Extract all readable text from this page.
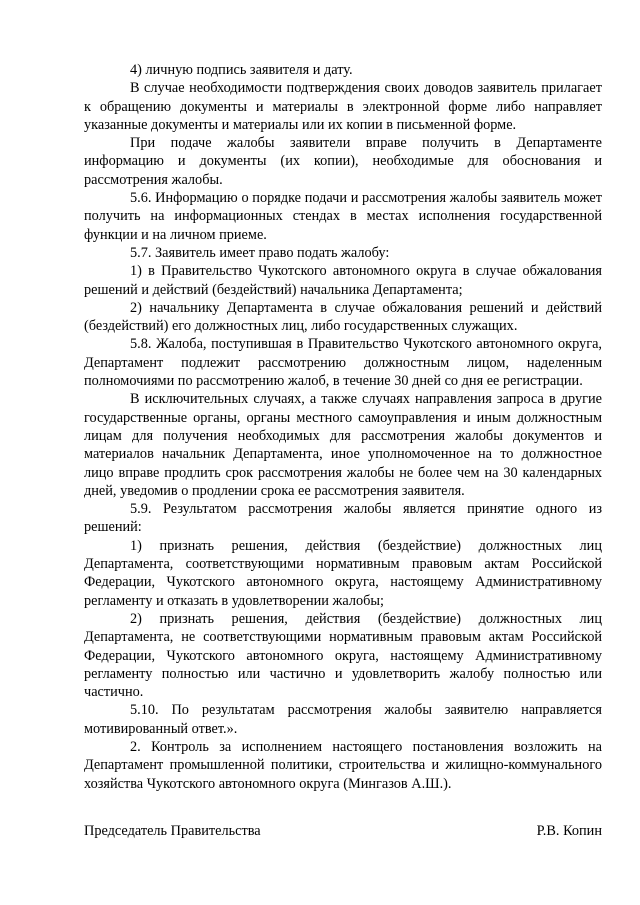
4) личную подпись заявителя и дату.

В случае необходимости подтверждения своих доводов заявитель прилагает к обращению документы и материалы в электронной форме либо направляет указанные документы и материалы или их копии в письменной форме.

При подаче жалобы заявители вправе получить в Департаменте информацию и документы (их копии), необходимые для обоснования и рассмотрения жалобы.

5.6. Информацию о порядке подачи и рассмотрения жалобы заявитель может получить на информационных стендах в местах исполнения государственной функции и на личном приеме.

5.7. Заявитель имеет право подать жалобу:

1) в Правительство Чукотского автономного округа в случае обжалования решений и действий (бездействий) начальника Департамента;

2) начальнику Департамента в случае обжалования решений и действий (бездействий) его должностных лиц, либо государственных служащих.

5.8. Жалоба, поступившая в Правительство Чукотского автономного округа, Департамент подлежит рассмотрению должностным лицом, наделенным полномочиями по рассмотрению жалоб, в течение 30 дней со дня ее регистрации.

В исключительных случаях, а также случаях направления запроса в другие государственные органы, органы местного самоуправления и иным должностным лицам для получения необходимых для рассмотрения жалобы документов и материалов начальник Департамента, иное уполномоченное на то должностное лицо вправе продлить срок рассмотрения жалобы не более чем на 30 календарных дней, уведомив о продлении срока ее рассмотрения заявителя.

5.9. Результатом рассмотрения жалобы является принятие одного из решений:

1) признать решения, действия (бездействие) должностных лиц Департамента, соответствующими нормативным правовым актам Российской Федерации, Чукотского автономного округа, настоящему Административному регламенту и отказать в удовлетворении жалобы;

2) признать решения, действия (бездействие) должностных лиц Департамента, не соответствующими нормативным правовым актам Российской Федерации, Чукотского автономного округа, настоящему Административному регламенту полностью или частично и удовлетворить жалобу полностью или частично.

5.10. По результатам рассмотрения жалобы заявителю направляется мотивированный ответ.».

2. Контроль за исполнением настоящего постановления возложить на Департамент промышленной политики, строительства и жилищно-коммунального хозяйства Чукотского автономного округа (Мингазов А.Ш.).

Председатель Правительства	Р.В. Копин
